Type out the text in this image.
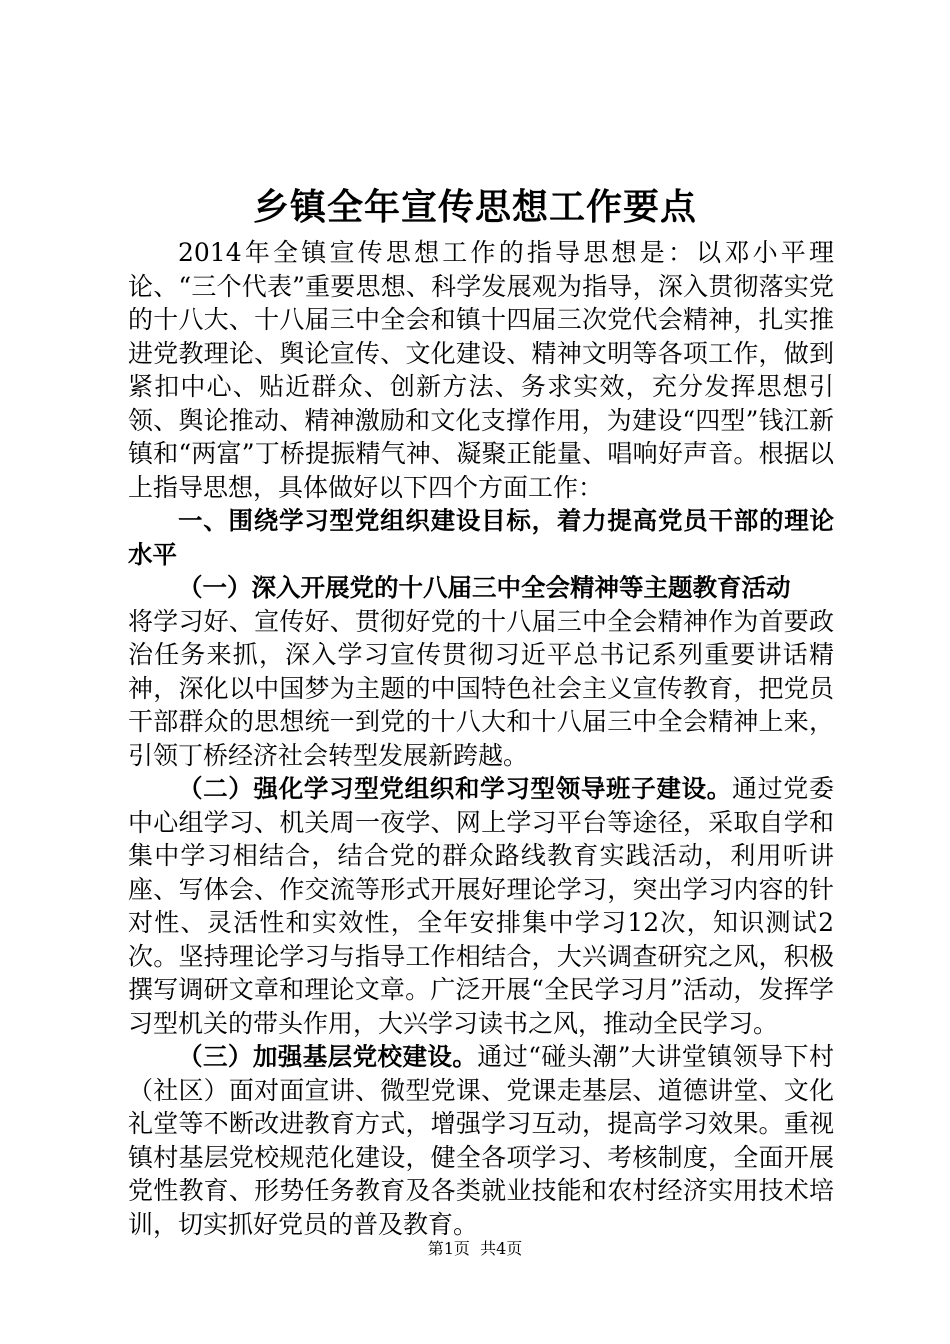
乡镇全年宣传思想工作要点

2014年全镇宣传思想工作的指导思想是：以邓小平理论、“三个代表”重要思想、科学发展观为指导，深入贯彻落实党的十八大、十八届三中全会和镇十四届三次党代会精神，扎实推进党教理论、舆论宣传、文化建设、精神文明等各项工作，做到紧扣中心、贴近群众、创新方法、务求实效，充分发挥思想引领、舆论推动、精神激励和文化支撑作用，为建设“四型”钱江新镇和“两富”丁桥提振精气神、凝聚正能量、唱响好声音。根据以上指导思想，具体做好以下四个方面工作：

一、围绕学习型党组织建设目标，着力提高党员干部的理论水平

（一）深入开展党的十八届三中全会精神等主题教育活动

将学习好、宣传好、贯彻好党的十八届三中全会精神作为首要政治任务来抓，深入学习宣传贯彻习近平总书记系列重要讲话精神，深化以中国梦为主题的中国特色社会主义宣传教育，把党员干部群众的思想统一到党的十八大和十八届三中全会精神上来，引领丁桥经济社会转型发展新跨越。

（二）强化学习型党组织和学习型领导班子建设。通过党委中心组学习、机关周一夜学、网上学习平台等途径，采取自学和集中学习相结合，结合党的群众路线教育实践活动，利用听讲座、写体会、作交流等形式开展好理论学习，突出学习内容的针对性、灵活性和实效性，全年安排集中学习12次，知识测试2次。坚持理论学习与指导工作相结合，大兴调查研究之风，积极撰写调研文章和理论文章。广泛开展“全民学习月”活动，发挥学习型机关的带头作用，大兴学习读书之风，推动全民学习。

（三）加强基层党校建设。通过“碰头潮”大讲堂镇领导下村（社区）面对面宣讲、微型党课、党课走基层、道德讲堂、文化礼堂等不断改进教育方式，增强学习互动，提高学习效果。重视镇村基层党校规范化建设，健全各项学习、考核制度，全面开展党性教育、形势任务教育及各类就业技能和农村经济实用技术培训，切实抓好党员的普及教育。

第1页  共4页
